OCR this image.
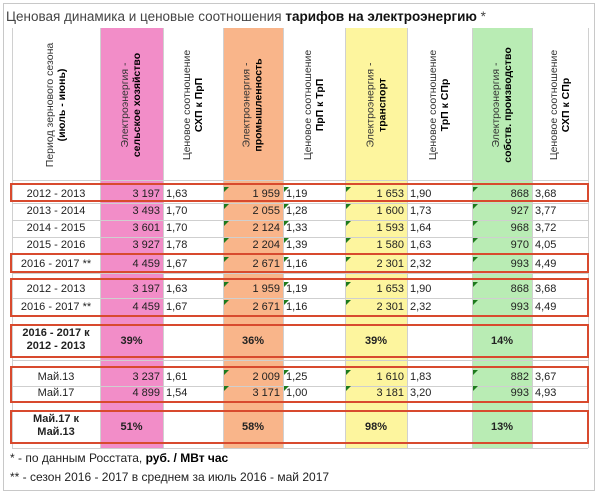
Ценовая динамика и ценовые соотношения тарифов на электроэнергию *
Период зернового сезона (июль - июнь)	Электроэнергия - сельское хозяйство	Ценовое соотношение СХП к ПрП	Электроэнергия - промышленность	Ценовое соотношение ПрП к ТрП	Электроэнергия - транспорт	Ценовое соотношение ТрП к СПр	Электроэнергия - собств. производство	Ценовое соотношение СХП к СПр
2012 - 2013	3 197 1,63	1 959 1,19	1 653 1,90	868 3,68
2013 - 2014	3 493 1,70	2 055 1,28	1 600 1,73	927 3,77
2014 - 2015	3 601 1,70	2 124 1,33	1 593 1,64	968 3,72
2015 - 2016	3 927 1,78	2 204 1,39	1 580 1,63	970 4,05
2016 - 2017 **	4 459 1,67	2 671 1,16	2 301 2,32	993 4,49
2012 - 2013	3 197 1,63	1 959 1,19	1 653 1,90	868 3,68
2016 - 2017 **	4 459 1,67	2 671 1,16	2 301 2,32	993 4,49
2016 - 2017 к
2012 - 2013	39%	36%	39%	14%
Май.13	3 237 1,61	2 009 1,25	1 610 1,83	882 3,67
Май.17	4 899 1,54	3 171 1,00	3 181 3,20	993 4,93
Май.17 к
Май.13	51%	58%	98%	13%
* - по данным Росстата, руб. / МВт час
** - сезон 2016 - 2017 в среднем за июль 2016 - май 2017
